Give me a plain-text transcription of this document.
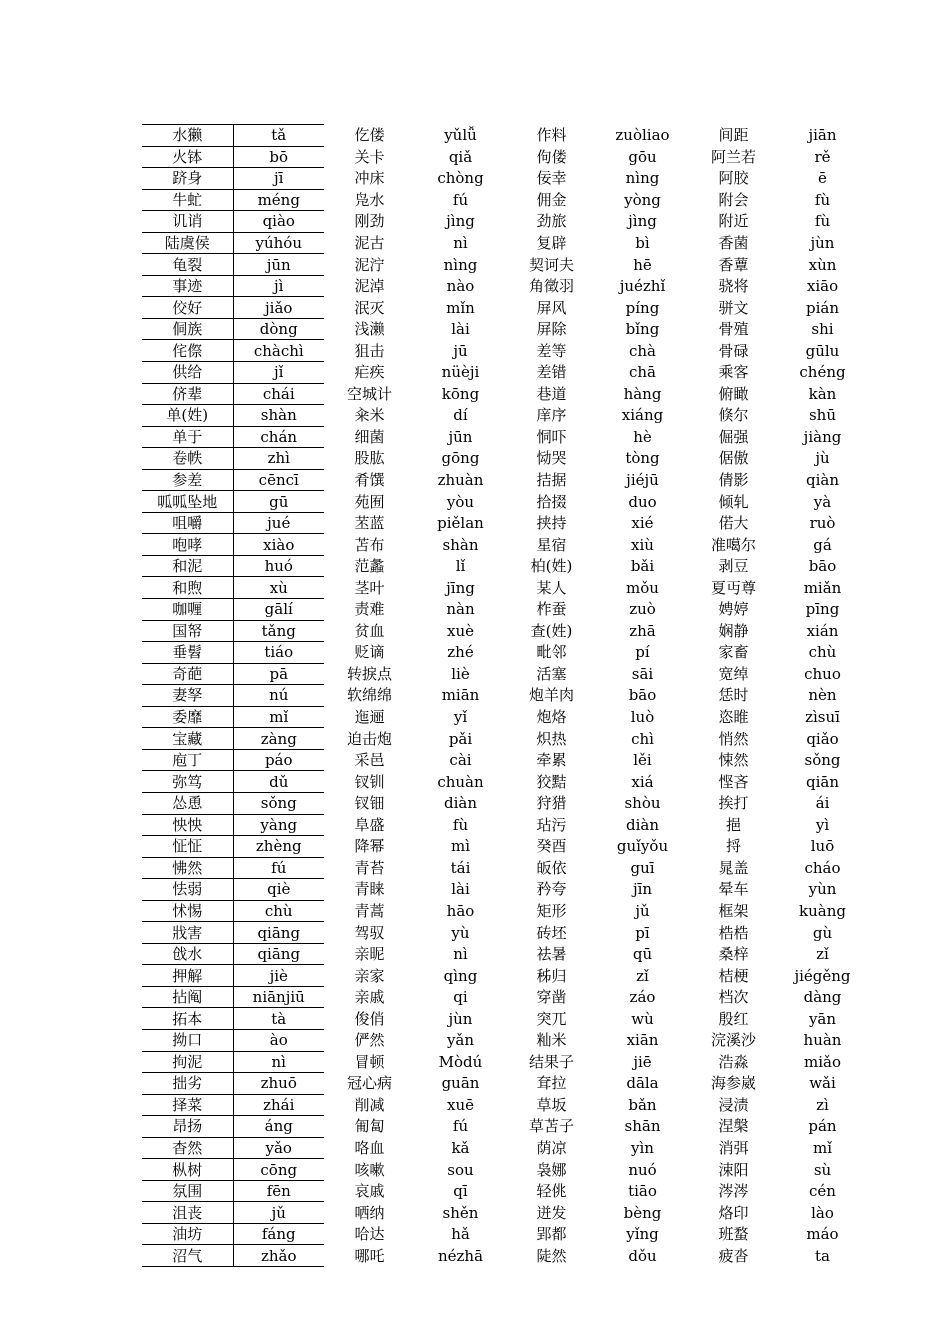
水獭	tǎ	仡偻	yǔlǚ	作料	zuòliao	间距	jiān
火钵	bō	关卡	qiǎ	佝偻	gōu	阿兰若	rě
跻身	jī	冲床	chòng	佞幸	nìng	阿胶	ē
牛虻	méng	凫水	fú	佣金	yòng	附会	fù
讥诮	qiào	刚劲	jìng	劲旅	jìng	附近	fù
陆虞侯	yúhóu	泥古	nì	复辟	bì	香菌	jùn
龟裂	jūn	泥泞	nìng	契诃夫	hē	香蕈	xùn
事迹	jì	泥淖	nào	角徵羽	juézhǐ	骁将	xiāo
佼好	jiǎo	泯灭	mǐn	屏风	píng	骈文	pián
侗族	dòng	浅濑	lài	屏除	bǐng	骨殖	shi
侘傺	chàchì	狙击	jū	差等	chà	骨碌	gūlu
供给	jǐ	疟疾	nüèji	差错	chā	乘客	chéng
侪辈	chái	空城计	kōng	巷道	hàng	俯瞰	kàn
单(姓)	shàn	籴米	dí	庠序	xiáng	倏尔	shū
单于	chán	细菌	jūn	恫吓	hè	倔强	jiàng
卷帙	zhì	股肱	gōng	恸哭	tòng	倨傲	jù
参差	cēncī	肴馔	zhuàn	拮据	jiéjū	倩影	qiàn
呱呱坠地	gū	苑囿	yòu	拾掇	duo	倾轧	yà
咀嚼	jué	苤蓝	piělan	挟持	xié	偌大	ruò
咆哮	xiào	苫布	shàn	星宿	xiù	准噶尔	gá
和泥	huó	范蠡	lǐ	柏(姓)	bǎi	剥豆	bāo
和煦	xù	茎叶	jīng	某人	mǒu	夏丏尊	miǎn
咖喱	gālí	责难	nàn	柞蚕	zuò	娉婷	pīng
国帑	tǎng	贫血	xuè	查(姓)	zhā	娴静	xián
垂髫	tiáo	贬谪	zhé	毗邻	pí	家畜	chù
奇葩	pā	转捩点	liè	活塞	sāi	宽绰	chuo
妻孥	nú	软绵绵	miān	炮羊肉	bāo	恁时	nèn
委靡	mǐ	迤逦	yǐ	炮烙	luò	恣睢	zìsuī
宝藏	zàng	迫击炮	pǎi	炽热	chì	悄然	qiǎo
庖丁	páo	采邑	cài	牵累	lěi	悚然	sǒng
弥笃	dǔ	钗钏	chuàn	狡黠	xiá	悭吝	qiān
怂恿	sǒng	钗钿	diàn	狩猎	shòu	挨打	ái
怏怏	yàng	阜盛	fù	玷污	diàn	挹	yì
怔怔	zhèng	降幂	mì	癸酉	guǐyǒu	捋	luō
怫然	fú	青苔	tái	皈依	guī	晁盖	cháo
怯弱	qiè	青睐	lài	矜夸	jīn	晕车	yùn
怵惕	chù	青蒿	hāo	矩形	jǔ	框架	kuàng
戕害	qiāng	驾驭	yù	砖坯	pī	梏梏	gù
戗水	qiāng	亲昵	nì	祛暑	qū	桑梓	zǐ
押解	jiè	亲家	qìng	秭归	zǐ	桔梗	jiégěng
拈阄	niānjiū	亲戚	qi	穿凿	záo	档次	dàng
拓本	tà	俊俏	jùn	突兀	wù	殷红	yān
拗口	ào	俨然	yǎn	籼米	xiān	浣溪沙	huàn
拘泥	nì	冒顿	Mòdú	结果子	jiē	浩淼	miǎo
拙劣	zhuō	冠心病	guān	耷拉	dāla	海参崴	wǎi
择菜	zhái	削减	xuē	草坂	bǎn	浸渍	zì
昂扬	áng	匍匐	fú	草苫子	shān	涅槃	pán
杳然	yǎo	咯血	kǎ	荫凉	yìn	消弭	mǐ
枞树	cōng	咳嗽	sou	袅娜	nuó	涑阳	sù
氛围	fēn	哀戚	qī	轻佻	tiāo	涔涔	cén
沮丧	jǔ	哂纳	shěn	迸发	bèng	烙印	lào
油坊	fáng	哈达	hǎ	郢都	yǐng	班蝥	máo
沼气	zhǎo	哪吒	nézhā	陡然	dǒu	疲沓	ta
